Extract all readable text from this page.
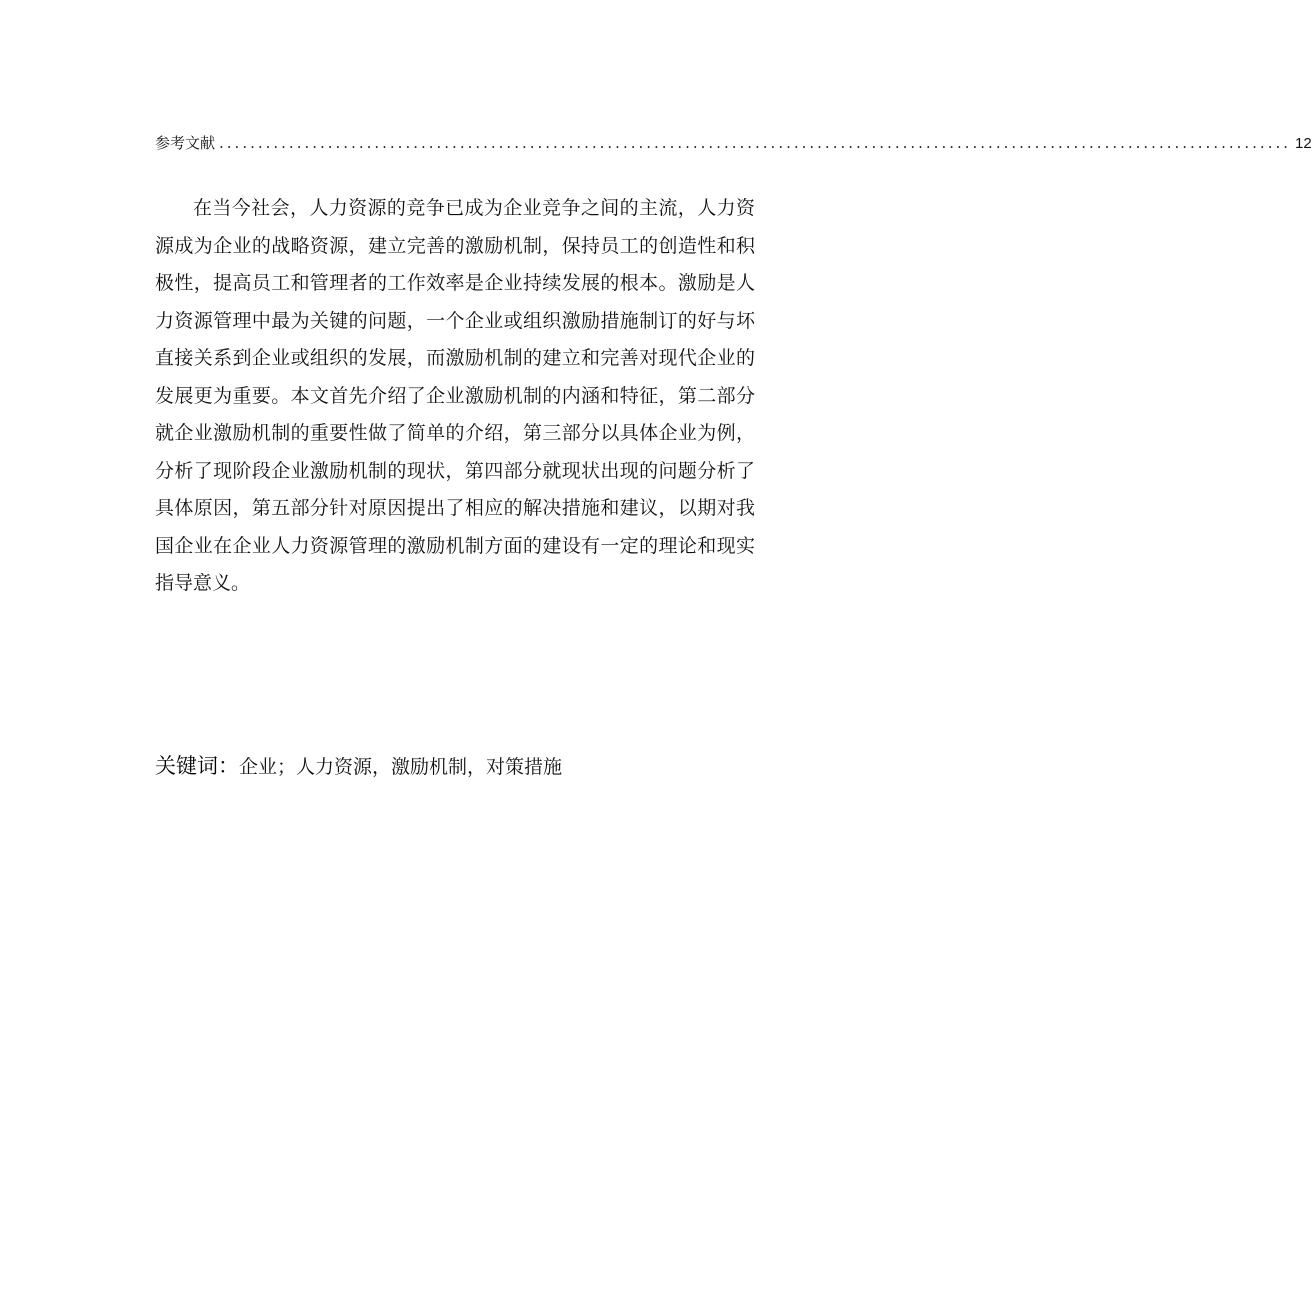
参考文献 .......................................................................................................................................... 12

在当今社会，人力资源的竞争已成为企业竞争之间的主流，人力资源成为企业的战略资源，建立完善的激励机制，保持员工的创造性和积极性，提高员工和管理者的工作效率是企业持续发展的根本。激励是人力资源管理中最为关键的问题，一个企业或组织激励措施制订的好与坏直接关系到企业或组织的发展，而激励机制的建立和完善对现代企业的发展更为重要。本文首先介绍了企业激励机制的内涵和特征，第二部分就企业激励机制的重要性做了简单的介绍，第三部分以具体企业为例，分析了现阶段企业激励机制的现状，第四部分就现状出现的问题分析了具体原因，第五部分针对原因提出了相应的解决措施和建议，以期对我国企业在企业人力资源管理的激励机制方面的建设有一定的理论和现实指导意义。

关键词：企业；人力资源，激励机制，对策措施
